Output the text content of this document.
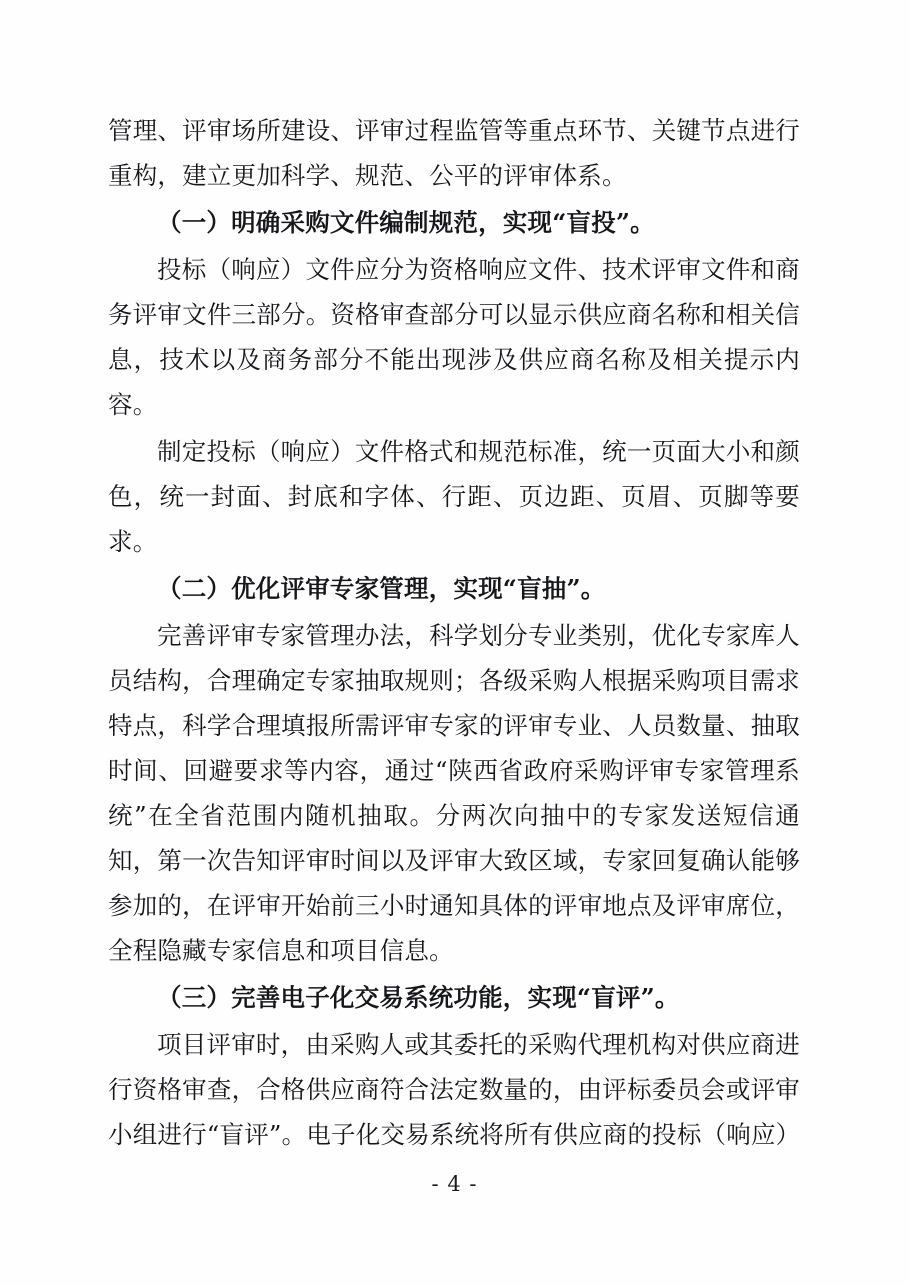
管理、评审场所建设、评审过程监管等重点环节、关键节点进行重构，建立更加科学、规范、公平的评审体系。

（一）明确采购文件编制规范，实现“盲投”。

投标（响应）文件应分为资格响应文件、技术评审文件和商务评审文件三部分。资格审查部分可以显示供应商名称和相关信息，技术以及商务部分不能出现涉及供应商名称及相关提示内容。

制定投标（响应）文件格式和规范标准，统一页面大小和颜色，统一封面、封底和字体、行距、页边距、页眉、页脚等要求。

（二）优化评审专家管理，实现“盲抽”。

完善评审专家管理办法，科学划分专业类别，优化专家库人员结构，合理确定专家抽取规则；各级采购人根据采购项目需求特点，科学合理填报所需评审专家的评审专业、人员数量、抽取时间、回避要求等内容，通过“陕西省政府采购评审专家管理系统”在全省范围内随机抽取。分两次向抽中的专家发送短信通知，第一次告知评审时间以及评审大致区域，专家回复确认能够参加的，在评审开始前三小时通知具体的评审地点及评审席位，全程隐藏专家信息和项目信息。

（三）完善电子化交易系统功能，实现“盲评”。

项目评审时，由采购人或其委托的采购代理机构对供应商进行资格审查，合格供应商符合法定数量的，由评标委员会或评审小组进行“盲评”。电子化交易系统将所有供应商的投标（响应）

- 4 -
